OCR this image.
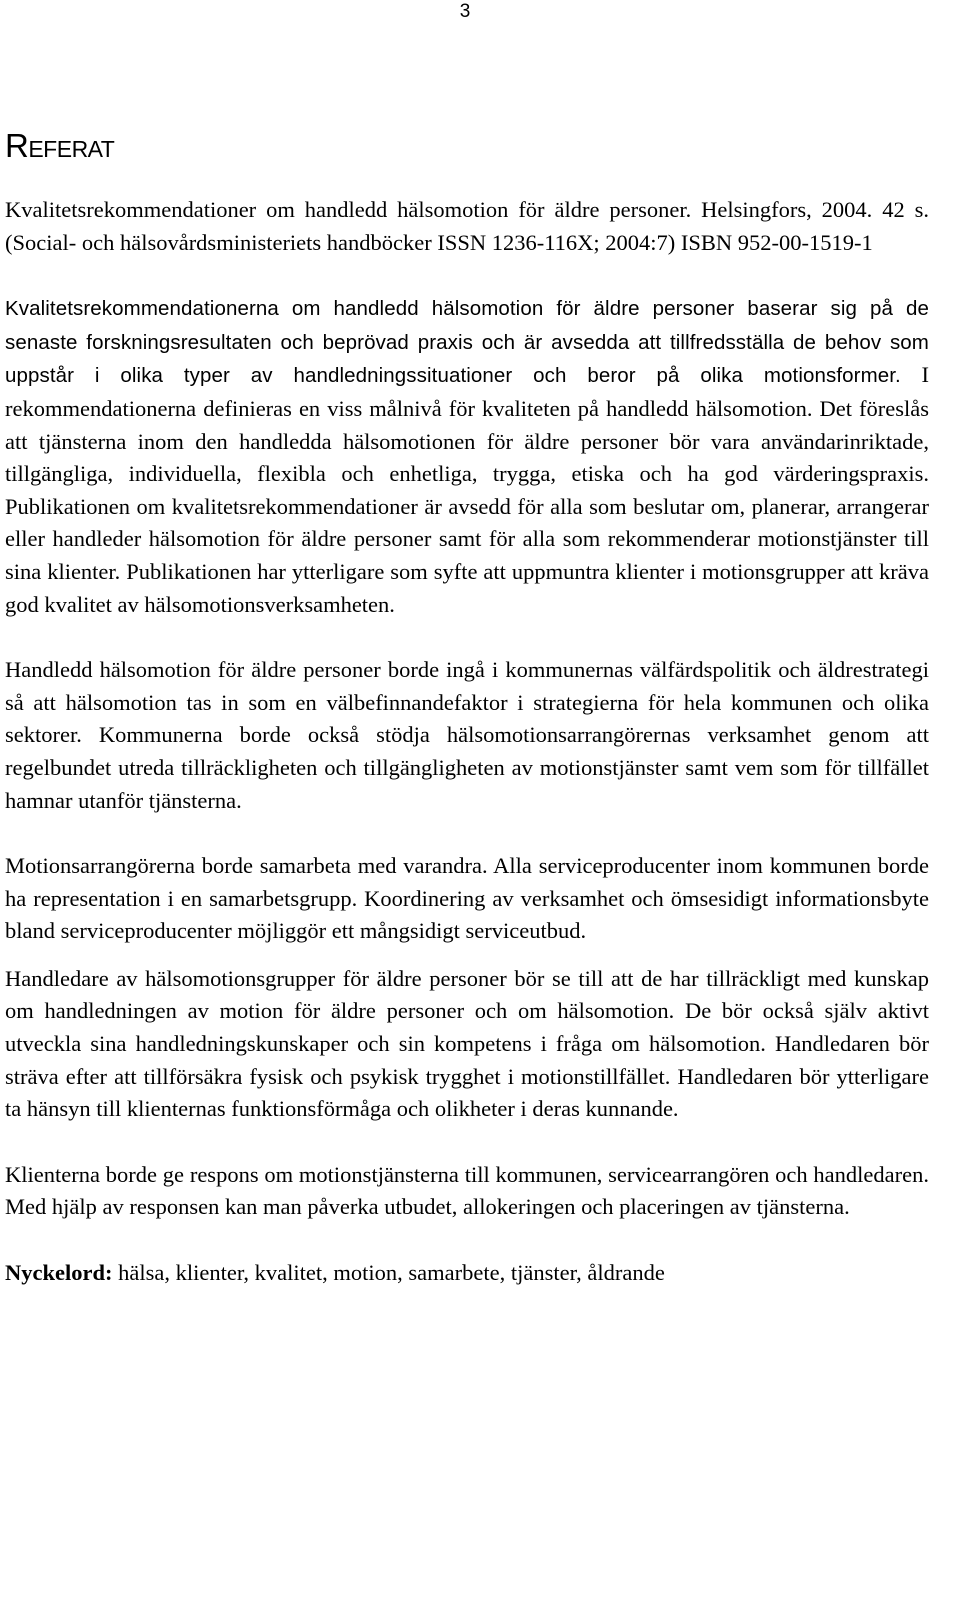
3
Referat

Kvalitetsrekommendationer om handledd hälsomotion för äldre personer. Helsingfors, 2004. 42 s. (Social- och hälsovårdsministeriets handböcker ISSN 1236-116X; 2004:7) ISBN 952-00-1519-1

Kvalitetsrekommendationerna om handledd hälsomotion för äldre personer baserar sig på de senaste forskningsresultaten och beprövad praxis och är avsedda att tillfredsställa de behov som uppstår i olika typer av handledningssituationer och beror på olika motionsformer. I rekommendationerna definieras en viss målnivå för kvaliteten på handledd hälsomotion. Det föreslås att tjänsterna inom den handledda hälsomotionen för äldre personer bör vara användarinriktade, tillgängliga, individuella, flexibla och enhetliga, trygga, etiska och ha god värderingspraxis. Publikationen om kvalitetsrekommendationer är avsedd för alla som beslutar om, planerar, arrangerar eller handleder hälsomotion för äldre personer samt för alla som rekommenderar motionstjänster till sina klienter. Publikationen har ytterligare som syfte att uppmuntra klienter i motionsgrupper att kräva god kvalitet av hälsomotionsverksamheten.

Handledd hälsomotion för äldre personer borde ingå i kommunernas välfärdspolitik och äldrestrategi så att hälsomotion tas in som en välbefinnandefaktor i strategierna för hela kommunen och olika sektorer. Kommunerna borde också stödja hälsomotionsarrangörernas verksamhet genom att regelbundet utreda tillräckligheten och tillgängligheten av motionstjänster samt vem som för tillfället hamnar utanför tjänsterna.

Motionsarrangörerna borde samarbeta med varandra. Alla serviceproducenter inom kommunen borde ha representation i en samarbetsgrupp. Koordinering av verksamhet och ömsesidigt informationsbyte bland serviceproducenter möjliggör ett mångsidigt serviceutbud.

Handledare av hälsomotionsgrupper för äldre personer bör se till att de har tillräckligt med kunskap om handledningen av motion för äldre personer och om hälsomotion. De bör också själv aktivt utveckla sina handledningskunskaper och sin kompetens i fråga om hälsomotion. Handledaren bör sträva efter att tillförsäkra fysisk och psykisk trygghet i motionstillfället. Handledaren bör ytterligare ta hänsyn till klienternas funktionsförmåga och olikheter i deras kunnande.

Klienterna borde ge respons om motionstjänsterna till kommunen, servicearrangören och handledaren. Med hjälp av responsen kan man påverka utbudet, allokeringen och placeringen av tjänsterna.

Nyckelord: hälsa, klienter, kvalitet, motion, samarbete, tjänster, åldrande
